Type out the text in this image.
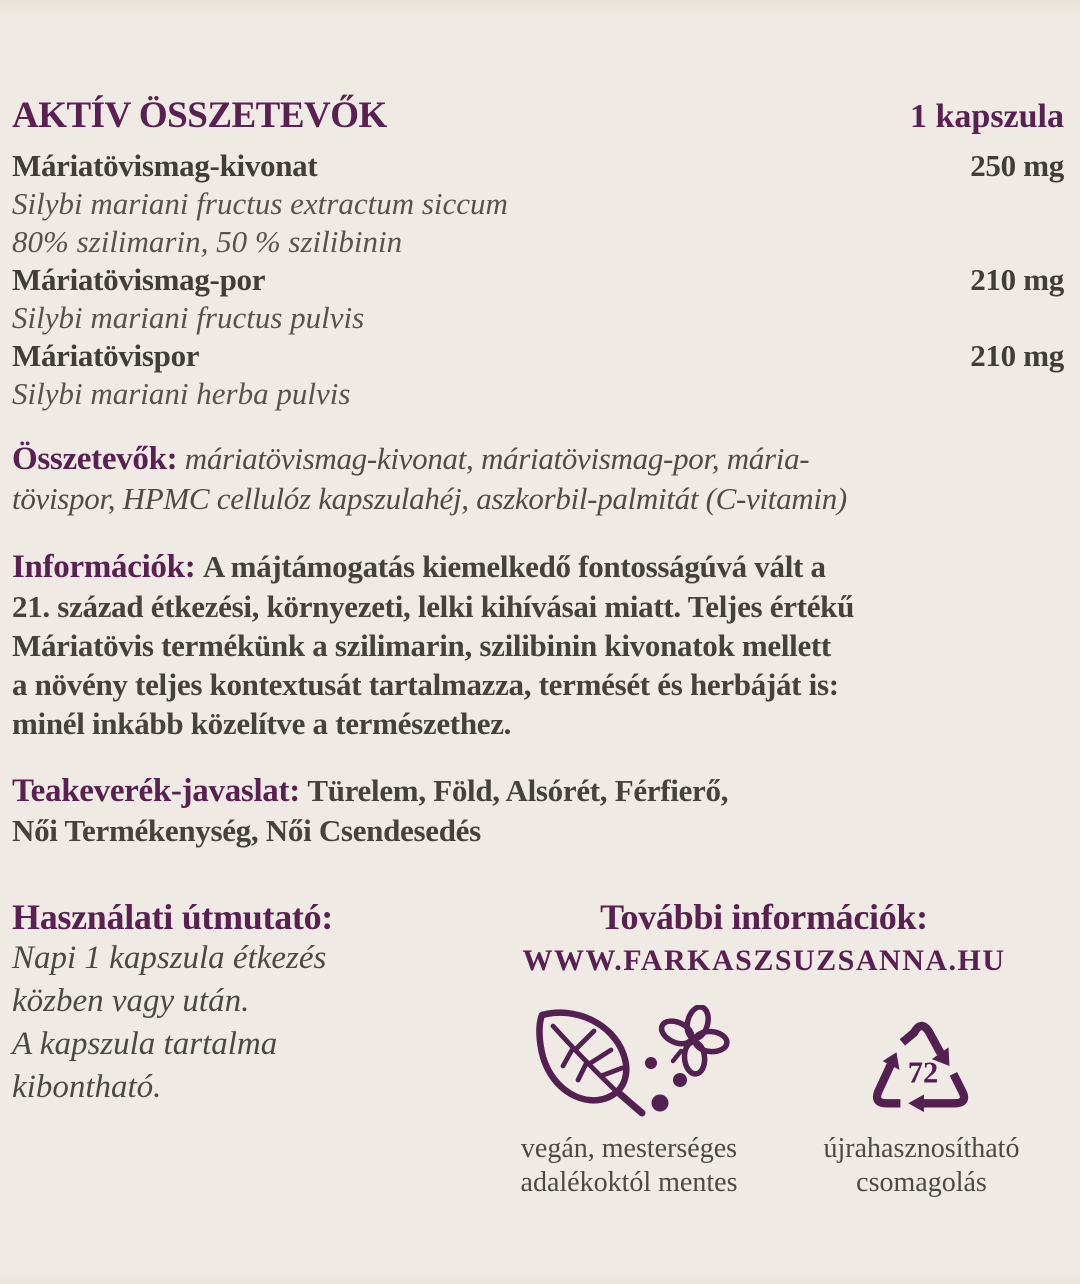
AKTÍV ÖSSZETEVŐK	1 kapszula
Máriatövismag-kivonat	250 mg
Silybi mariani fructus extractum siccum
80% szilimarin, 50 % szilibinin
Máriatövismag-por	210 mg
Silybi mariani fructus pulvis
Máriatövispor	210 mg
Silybi mariani herba pulvis
Összetevők: máriatövismag-kivonat, máriatövismag-por, mária-
tövispor, HPMC cellulóz kapszulahéj, aszkorbil-palmitát (C-vitamin)
Információk: A májtámogatás kiemelkedő fontosságúvá vált a
21. század étkezési, környezeti, lelki kihívásai miatt. Teljes értékű
Máriatövis termékünk a szilimarin, szilibinin kivonatok mellett
a növény teljes kontextusát tartalmazza, termését és herbáját is:
minél inkább közelítve a természethez.
Teakeverék-javaslat: Türelem, Föld, Alsórét, Férfierő,
Női Termékenység, Női Csendesedés
Használati útmutató:
Napi 1 kapszula étkezés
közben vagy után.
A kapszula tartalma
kibontható.
További információk:
WWW.FARKASZSUZSANNA.HU
72
vegán, mesterséges
adalékoktól mentes
újrahasznosítható
csomagolás
